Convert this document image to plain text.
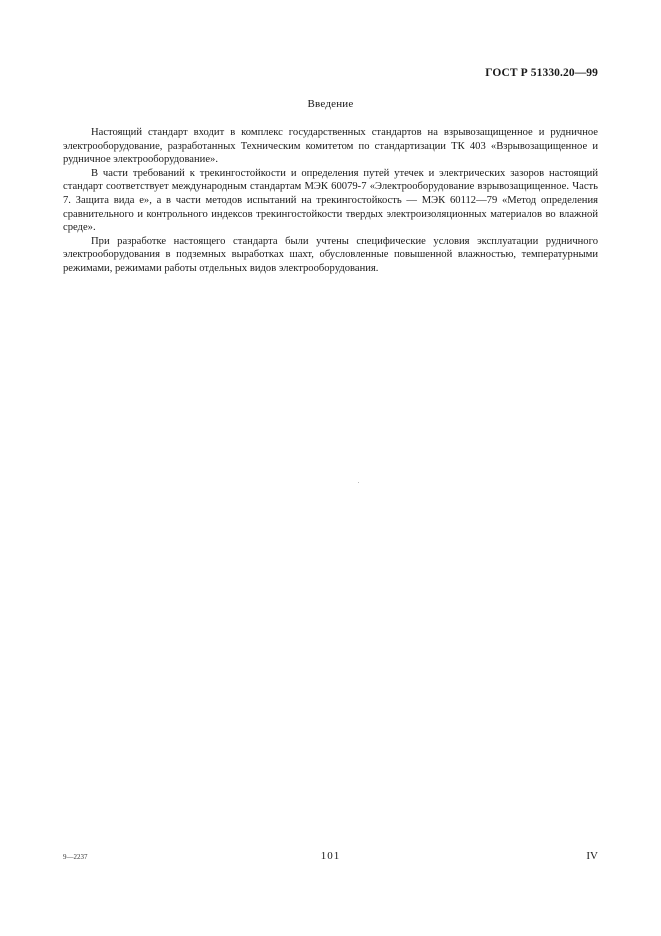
ГОСТ Р 51330.20—99
Введение

Настоящий стандарт входит в комплекс государственных стандартов на взрывозащищенное и рудничное электрооборудование, разработанных Техническим комитетом по стандартизации ТК 403 «Взрывозащищенное и рудничное электрооборудование».

В части требований к трекингостойкости и определения путей утечек и электрических зазоров настоящий стандарт соответствует международным стандартам МЭК 60079-7 «Электрооборудование взрывозащищенное. Часть 7. Защита вида е», а в части методов испытаний на трекингостойкость — МЭК 60112—79 «Метод определения сравнительного и контрольного индексов трекингостойкости твердых электроизоляционных материалов во влажной среде».

При разработке настоящего стандарта были учтены специфические условия эксплуатации рудничного электрооборудования в подземных выработках шахт, обусловленные повышенной влажностью, температурными режимами, режимами работы отдельных видов электрооборудования.

9—2237	101	IV
